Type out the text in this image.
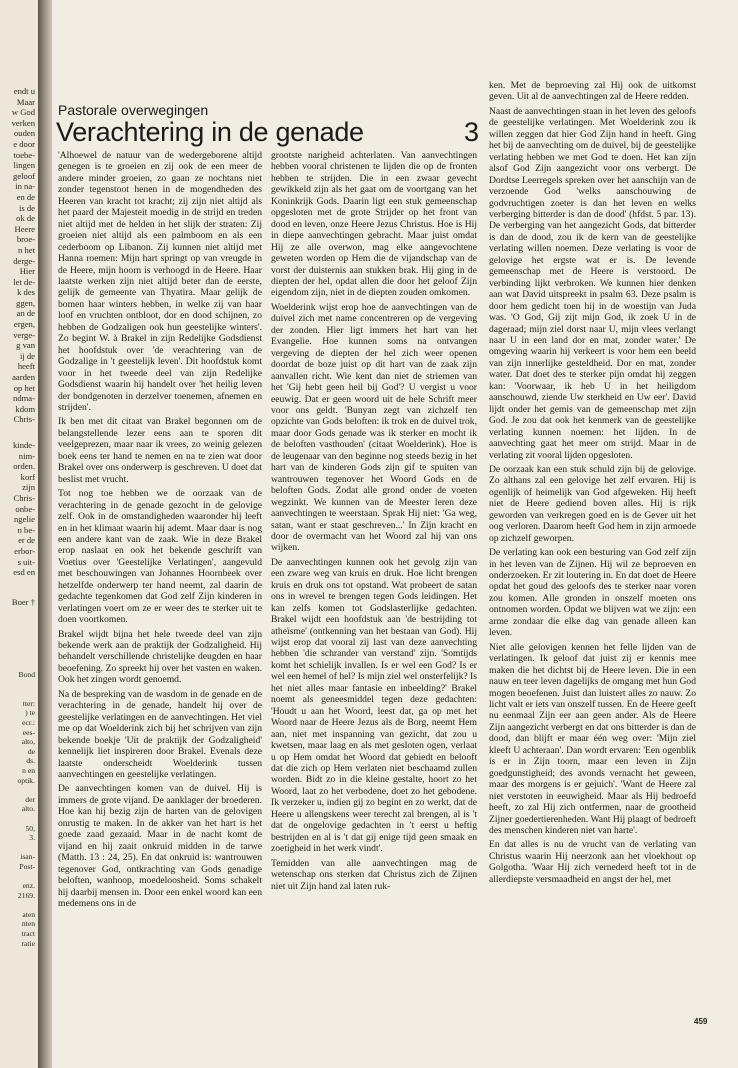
endt u

Maar

w God

verken

ouden

e door

toebe-

lingen

geloof

in na-

en de

is de

ok de

Heere

broe-

n het

derge-

Hier

let de-

k des

ggen,

an de

ergen,

verge-

g van

ij de

heeft

aarden

op het

ndma-

kdom

Chris-

kinde-

nim-

orden.

korf

zijn

Chris-

onbe-

ngelie

n be-

er de

erbor-

s uit-

esd en

Boer †

Bond

tter:

) te

ecr.:

ees-

alto,

de

ds.

n en

optik.

der

alto.

50,

3.

isan-

Post-

enz.

2169.

aten

nten

tract

ratie

Pastorale overwegingen

Verachtering in de genade	3

'Alhoewel de natuur van de wedergeborene altijd genegen is te groeien en zij ook de een meer de andere minder groeien, zo gaan ze nochtans niet zonder tegenstoot henen in de mogendheden des Heeren van kracht tot kracht; zij zijn niet altijd als het paard der Majesteit moedig in de strijd en treden niet altijd met de helden in het slijk der straten: Zij groeien niet altijd als een palmboom en als een cederboom op Libanon. Zij kunnen niet altijd met Hanna roemen: Mijn hart springt op van vreugde in de Heere, mijn hoorn is verhoogd in de Heere. Haar laatste werken zijn niet altijd beter dan de eerste, gelijk de gemeente van Thyatira. Maar gelijk de bomen haar winters hebben, in welke zij van haar loof en vruchten ontbloot, dor en dood schijnen, zo hebben de Godzaligen ook hun geestelijke winters'. Zo begint W. à Brakel in zijn Redelijke Godsdienst het hoofdstuk over 'de verachtering van de Godzalige in 't geestelijk leven'. Dit hoofdstuk komt voor in het tweede deel van zijn Redelijke Godsdienst waarin hij handelt over 'het heilig leven der bondgenoten in derzelver toenemen, afnemen en strijden'.

Ik ben met dit citaat van Brakel begonnen om de belangstellende lezer eens aan te sporen dit veelgeprezen, maar naar ik vrees, zo weinig gelezen boek eens ter hand te nemen en na te zien wat door Brakel over ons onderwerp is geschreven. U doet dat beslist met vrucht.

Tot nog toe hebben we de oorzaak van de verachtering in de genade gezocht in de gelovige zelf. Ook in de omstandigheden waaronder hij leeft en in het klimaat waarin hij ademt. Maar daar is nog een andere kant van de zaak. Wie in deze Brakel erop naslaat en ook het bekende geschrift van Voetius over 'Geestelijke Verlatingen', aangevuld met beschouwingen van Johannes Hoornbeek over hetzelfde onderwerp ter hand neemt, zal daarin de gedachte tegenkomen dat God zelf Zijn kinderen in verlatingen voert om ze er weer des te sterker uit te doen voortkomen.

Brakel wijdt bijna het hele tweede deel van zijn bekende werk aan de praktijk der Godzaligheid. Hij behandelt verschillende christelijke deugden en haar beoefening. Zo spreekt hij over het vasten en waken. Ook het zingen wordt genoemd.

Na de bespreking van de wasdom in de genade en de verachtering in de genade, handelt hij over de geestelijke verlatingen en de aanvechtingen. Het viel me op dat Woelderink zich bij het schrijven van zijn bekende boekje 'Uit de praktijk der Godzaligheid' kennelijk liet inspireren door Brakel. Evenals deze laatste onderscheidt Woelderink tussen aanvechtingen en geestelijke verlatingen.

De aanvechtingen komen van de duivel. Hij is immers de grote vijand. De aanklager der broederen. Hoe kan hij bezig zijn de harten van de gelovigen onrustig te maken. In de akker van het hart is het goede zaad gezaaid. Maar in de nacht komt de vijand en hij zaait onkruid midden in de tarwe (Matth. 13 : 24, 25). En dat onkruid is: wantrouwen tegenover God, ontkrachting van Gods genadige beloften, wanhoop, moedeloosheid. Soms schakelt hij daarbij mensen in. Door een enkel woord kan een medemens ons in de

grootste narigheid achterlaten. Van aanvechtingen hebben vooral christenen te lijden die op de fronten hebben te strijden. Die in een zwaar gevecht gewikkeld zijn als het gaat om de voortgang van het Koninkrijk Gods. Daarin ligt een stuk gemeenschap opgesloten met de grote Strijder op het front van dood en leven, onze Heere Jezus Christus. Hoe is Hij in diepe aanvechtingen gebracht. Maar juist omdat Hij ze alle overwon, mag elke aangevochtene geweten worden op Hem die de vijandschap van de vorst der duisternis aan stukken brak. Hij ging in de diepten der hel, opdat allen die door het geloof Zijn eigendom zijn, niet in de diepten zouden omkomen.

Woelderink wijst erop hoe de aanvechtingen van de duivel zich met name concentreren op de vergeving der zonden. Hier ligt immers het hart van het Evangelie. Hoe kunnen soms na ontvangen vergeving de diepten der hel zich weer openen doordat de boze juist op dit hart van de zaak zijn aanvallen richt. Wie kent dan niet de striemen van het 'Gij hebt geen heil bij God'? U vergist u voor eeuwig. Dat er geen woord uit de hele Schrift meer voor ons geldt. 'Bunyan zegt van zichzelf ten opzichte van Gods beloften: ik trok en de duivel trok, maar door Gods genade was ik sterker en mocht ik de beloften vasthouden' (citaat Woelderink). Hoe is de leugenaar van den beginne nog steeds bezig in het hart van de kinderen Gods zijn gif te spuiten van wantrouwen tegenover het Woord Gods en de beloften Gods. Zodat alle grond onder de voeten wegzinkt. We kunnen van de Meester leren deze aanvechtingen te weerstaan. Sprak Hij niet: 'Ga weg, satan, want er staat geschreven...' In Zijn kracht en door de overmacht van het Woord zal hij van ons wijken.

De aanvechtingen kunnen ook het gevolg zijn van een zware weg van kruis en druk. Hoe licht brengen kruis en druk ons tot opstand. Wat probeert de satan ons in wrevel te brengen tegen Gods leidingen. Het kan zelfs komen tot Godslasterlijke gedachten. Brakel wijdt een hoofdstuk aan 'de bestrijding tot atheïsme' (ontkenning van het bestaan van God). Hij wijst erop dat vooral zij last van deze aanvechting hebben 'die schrander van verstand' zijn. 'Somtijds komt het schielijk invallen. Is er wel een God? Is er wel een hemel of hel? Is mijn ziel wel onsterfelijk? Is het niet alles maar fantasie en inbeelding?' Brakel noemt als geneesmiddel tegen deze gedachten: 'Houdt u aan het Woord, leest dat, ga op met het Woord naar de Heere Jezus als de Borg, neemt Hem aan, niet met inspanning van gezicht, dat zou u kwetsen, maar laag en als met gesloten ogen, verlaat u op Hem omdat het Woord dat gebiedt en belooft dat die zich op Hem verlaten niet beschaamd zullen worden. Bidt zo in die kleine gestalte, hoort zo het Woord, laat zo het verbodene, doet zo het gebodene. Ik verzeker u, indien gij zo begint en zo werkt, dat de Heere u allengskens weer terecht zal brengen, al is 't dat de ongelovige gedachten in 't eerst u heftig bestrijden en al is 't dat gij enige tijd geen smaak en zoetigheid in het werk vindt'.

Temidden van alle aanvechtingen mag de wetenschap ons sterken dat Christus zich de Zijnen niet uit Zijn hand zal laten ruk-

ken. Met de beproeving zal Hij ook de uitkomst geven. Uit al de aanvechtingen zal de Heere redden.

Naast de aanvechtingen staan in het leven des geloofs de geestelijke verlatingen. Met Woelderink zou ik willen zeggen dat hier God Zijn hand in heeft. Ging het bij de aanvechting om de duivel, bij de geestelijke verlating hebben we met God te doen. Het kan zijn alsof God Zijn aangezicht voor ons verbergt. De Dordtse Leerregels spreken over het aanschijn van de verzoende God 'welks aanschouwing de godvruchtigen zoeter is dan het leven en welks verberging bitterder is dan de dood' (hfdst. 5 par. 13). De verberging van het aangezicht Gods, dat bitterder is dan de dood, zou ik de kern van de geestelijke verlating willen noemen. Deze verlating is voor de gelovige het ergste wat er is. De levende gemeenschap met de Heere is verstoord. De verbinding lijkt verbroken. We kunnen hier denken aan wat David uitspreekt in psalm 63. Deze psalm is door hem gedicht toen hij in de woestijn van Juda was. 'O God, Gij zijt mijn God, ik zoek U in de dageraad; mijn ziel dorst naar U, mijn vlees verlangt naar U in een land dor en mat, zonder water.' De omgeving waarin hij verkeert is voor hem een beeld van zijn innerlijke gesteldheid. Dor en mat, zonder water. Dat doet des te sterker pijn omdat hij zeggen kan: 'Voorwaar, ik heb U in het heiligdom aanschouwd, ziende Uw sterkheid en Uw eer'. David lijdt onder het gemis van de gemeenschap met zijn God. Je zou dat ook het kenmerk van de geestelijke verlating kunnen noemen: het lijden. In de aanvechting gaat het meer om strijd. Maar in de verlating zit vooral lijden opgesloten.

De oorzaak kan een stuk schuld zijn bij de gelovige. Zo althans zal een gelovige het zelf ervaren. Hij is ogenlijk of heimelijk van God afgeweken. Hij heeft niet de Heere gediend boven alles. Hij is rijk geworden van verkregen goed en is de Gever uit het oog verloren. Daarom heeft God hem in zijn armoede op zichzelf geworpen.

De verlating kan ook een besturing van God zelf zijn in het leven van de Zijnen. Hij wil ze beproeven en onderzoeken. Er zit loutering in. En dat doet de Heere opdat het goud des geloofs des te sterker naar voren zou komen. Alle gronden in onszelf moeten ons ontnomen worden. Opdat we blijven wat we zijn: een arme zondaar die elke dag van genade alleen kan leven.

Niet alle gelovigen kennen het felle lijden van de verlatingen. Ik geloof dat juist zij er kennis mee maken die het dichtst bij de Heere leven. Die in een nauw en teer leven dagelijks de omgang met hun God mogen beoefenen. Juist dan luistert alles zo nauw. Zo licht valt er iets van onszelf tussen. En de Heere geeft nu eenmaal Zijn eer aan geen ander. Als de Heere Zijn aangezicht verbergt en dat ons bitterder is dan de dood, dan blijft er maar één weg over: 'Mijn ziel kleeft U achteraan'. Dan wordt ervaren: 'Een ogenblik is er in Zijn toorn, maar een leven in Zijn goedgunstigheid; des avonds vernacht het geween, maar des morgens is er gejuich'. 'Want de Heere zal niet verstoten in eeuwigheid. Maar als Hij bedroefd heeft, zo zal Hij zich ontfermen, naar de grootheid Zijner goedertierenheden. Want Hij plaagt of bedroeft des menschen kinderen niet van harte'.

En dat alles is nu de vrucht van de verlating van Christus waarin Hij neerzonk aan het vloekhout op Golgotha. 'Waar Hij zich vernederd heeft tot in de allerdiepste versmaadheid en angst der hel, met

459
